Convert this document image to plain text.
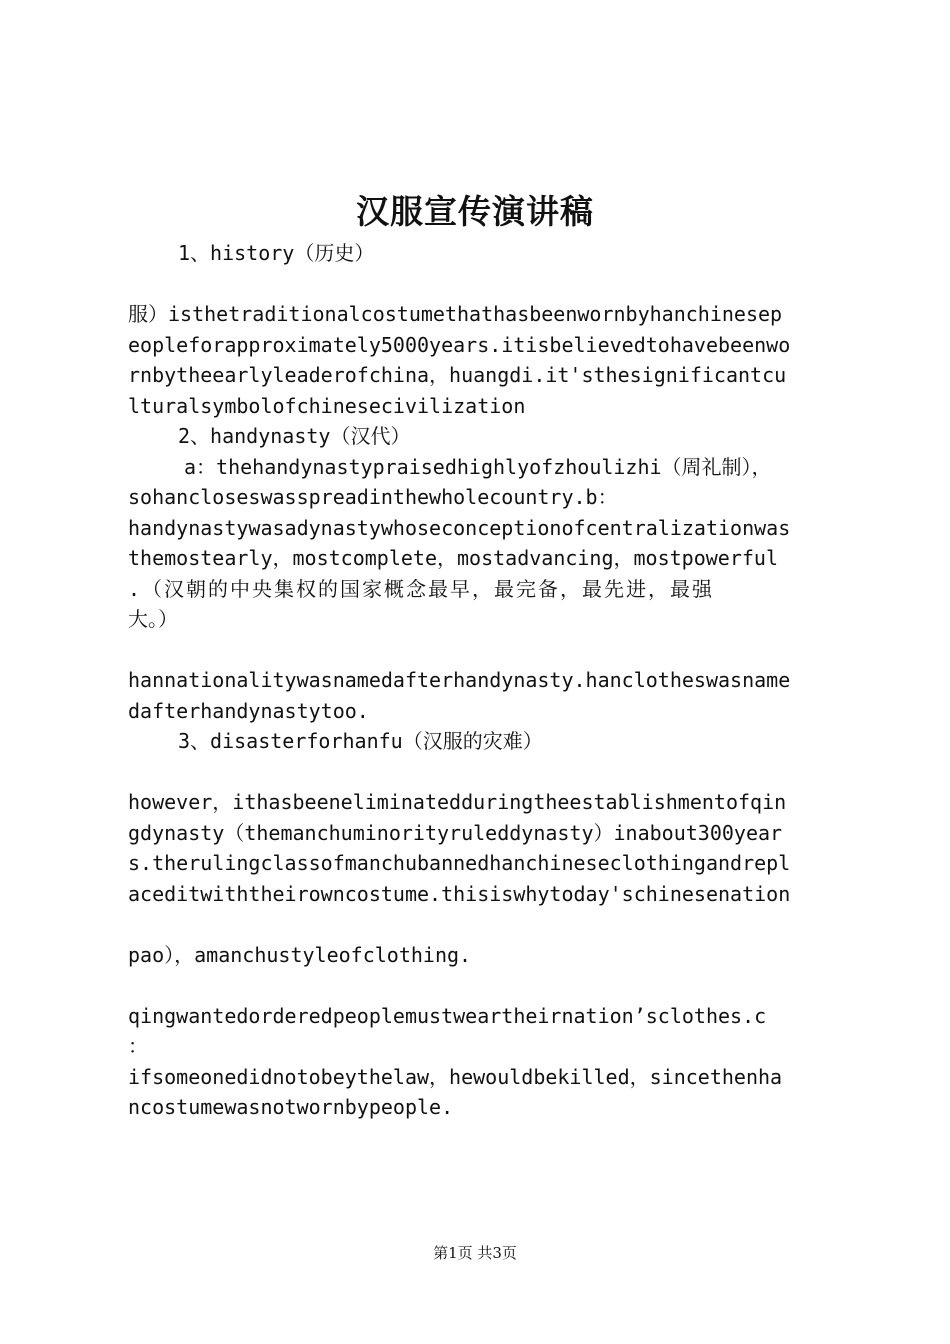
汉服宣传演讲稿
1、history（历史）

服）isthetraditionalcostumethathasbeenwornbyhanchinesep
eopleforapproximately5000years.itisbelievedtohavebeenwo
rnbytheearlyleaderofchina，huangdi.it'sthesignificantcu
lturalsymbolofchinesecivilization
2、handynasty（汉代）
a：thehandynastypraisedhighlyofzhoulizhi（周礼制），
sohancloseswasspreadinthewholecountry.b：
handynastywasadynastywhoseconceptionofcentralizationwas
themostearly，mostcomplete，mostadvancing，mostpowerful
.（汉朝的中央集权的国家概念最早，最完备，最先进，最强
大。）

hannationalitywasnamedafterhandynasty.hanclotheswasname
dafterhandynastytoo.
3、disasterforhanfu（汉服的灾难）

however，ithasbeeneliminatedduringtheestablishmentofqin
gdynasty（themanchuminorityruleddynasty）inabout300year
s.therulingclassofmanchubannedhanchineseclothingandrepl
aceditwiththeirowncostume.thisiswhytoday'schinesenation

pao），amanchustyleofclothing.

qingwantedorderedpeoplemustweartheirnation’sclothes.c
：
ifsomeonedidnotobeythelaw，hewouldbekilled，sincethenha
ncostumewasnotwornbypeople.

第1页 共3页
